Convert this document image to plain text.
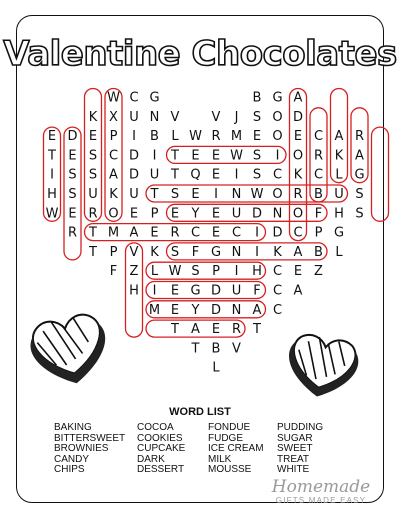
Valentine Chocolates
W C G	B G A
K X U N V V J S O D
E D E P I B L W R M E O E C A R
T E S C D I T E E W S I O R K A
I S S A D U T Q E I S C K C L G
H S U K U T S E I N W O R B U S
W E R O E P E Y E U D N O F H S
R T M A E R C E C I D C P G
T P V K S F G N I K A B L
F Z L W S P I H C E Z
H I E G D U F C A
M E Y D N A C
T A E R T
T B V
L
WORD LIST
BAKING
BITTERSWEET
BROWNIES
CANDY
CHIPS
COCOA
COOKIES
CUPCAKE
DARK
DESSERT
FONDUE
FUDGE
ICE CREAM
MILK
MOUSSE
PUDDING
SUGAR
SWEET
TREAT
WHITE
Homemade
GIFTS MADE EASY
